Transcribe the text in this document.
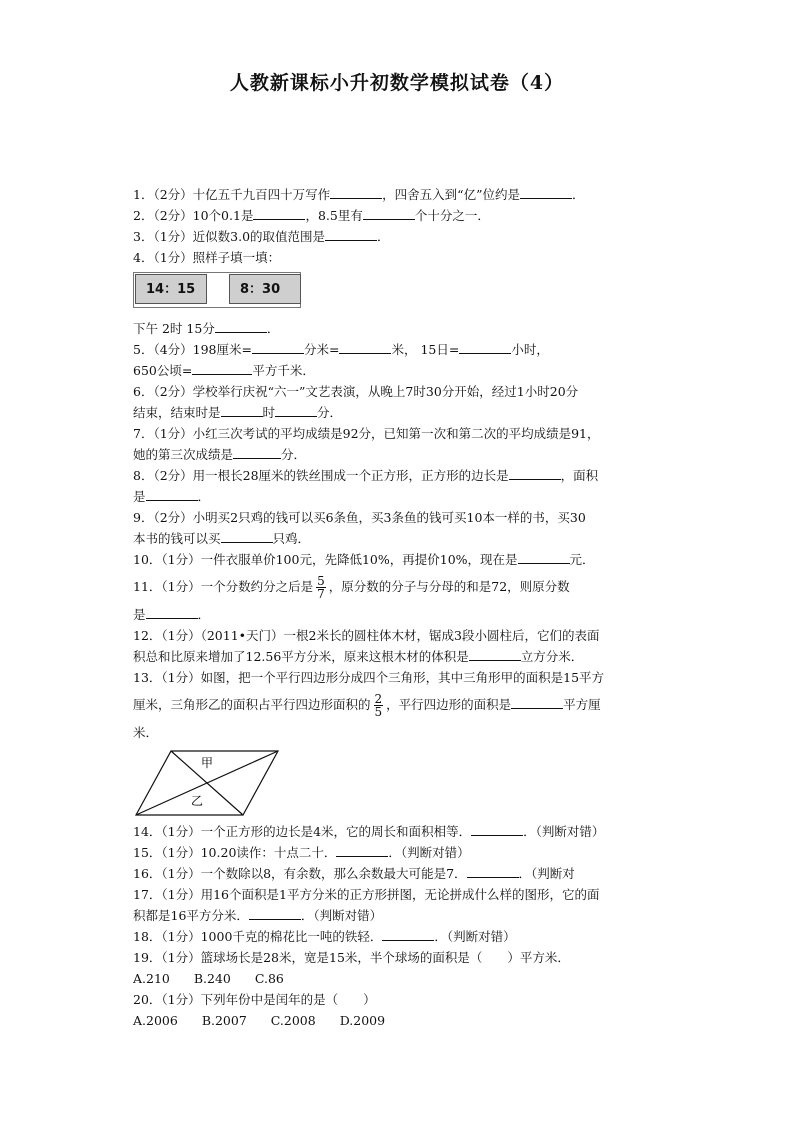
人教新课标小升初数学模拟试卷（4）
1．（2分）十亿五千九百四十万写作	，四舍五入到“亿”位约是	．
2．（2分）10个0.1是	，8.5里有	个十分之一．
3．（1分）近似数3.0的取值范围是	．
4．（1分）照样子填一填：
14：15	8：30
下午 2时 15分	．
5．（4分）198厘米=	分米=	米， 15日=	小时，
650公顷=	平方千米．
6．（2分）学校举行庆祝“六一”文艺表演，从晚上7时30分开始，经过1小时20分
结束，结束时是	时	分．
7．（1分）小红三次考试的平均成绩是92分，已知第一次和第二次的平均成绩是91，
她的第三次成绩是	分．
8．（2分）用一根长28厘米的铁丝围成一个正方形，正方形的边长是	，面积
是	．
9．（2分）小明买2只鸡的钱可以买6条鱼，买3条鱼的钱可买10本一样的书，买30
本书的钱可以买	只鸡．
10．（1分）一件衣服单价100元，先降低10%，再提价10%，现在是	元．
11．（1分）一个分数约分之后是 $\frac{5}{7}$ ，原分数的分子与分母的和是72，则原分数
是	．
12．（1分）（2011•天门）一根2米长的圆柱体木材，锯成3段小圆柱后，它们的表面
积总和比原来增加了12.56平方分米，原来这根木材的体积是	立方分米．
13．（1分）如图，把一个平行四边形分成四个三角形，其中三角形甲的面积是15平方
厘米，三角形乙的面积占平行四边形面积的 $\frac{2}{5}$ ，平行四边形的面积是	平方厘
米．
甲
乙
14．（1分）一个正方形的边长是4米，它的周长和面积相等．	．（判断对错）
15．（1分）10.20读作：十点二十．	．（判断对错）
16．（1分）一个数除以8，有余数，那么余数最大可能是7．	．（判断对
17．（1分）用16个面积是1平方分米的正方形拼图，无论拼成什么样的图形，它的面
积都是16平方分米．	．（判断对错）
18．（1分）1000千克的棉花比一吨的铁轻．	．（判断对错）
19．（1分）篮球场长是28米，宽是15米，半个球场的面积是（　　）平方米．
A.210 B.240 C.86
20．（1分）下列年份中是闰年的是（　　）
A.2006 B.2007 C.2008 D.2009
